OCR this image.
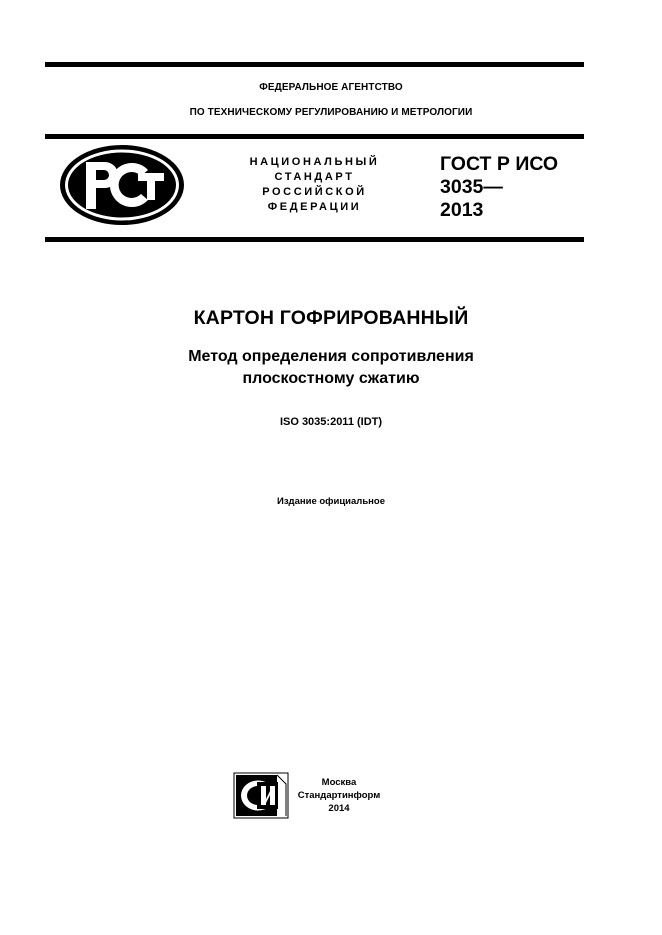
ФЕДЕРАЛЬНОЕ АГЕНТСТВО
ПО ТЕХНИЧЕСКОМУ РЕГУЛИРОВАНИЮ И МЕТРОЛОГИИ
НАЦИОНАЛЬНЫЙ
СТАНДАРТ
РОССИЙСКОЙ
ФЕДЕРАЦИИ
ГОСТ Р ИСО
3035—
2013
КАРТОН ГОФРИРОВАННЫЙ
Метод определения сопротивления
плоскостному сжатию
ISO 3035:2011 (IDT)
Издание официальное
Москва
Стандартинформ
2014
